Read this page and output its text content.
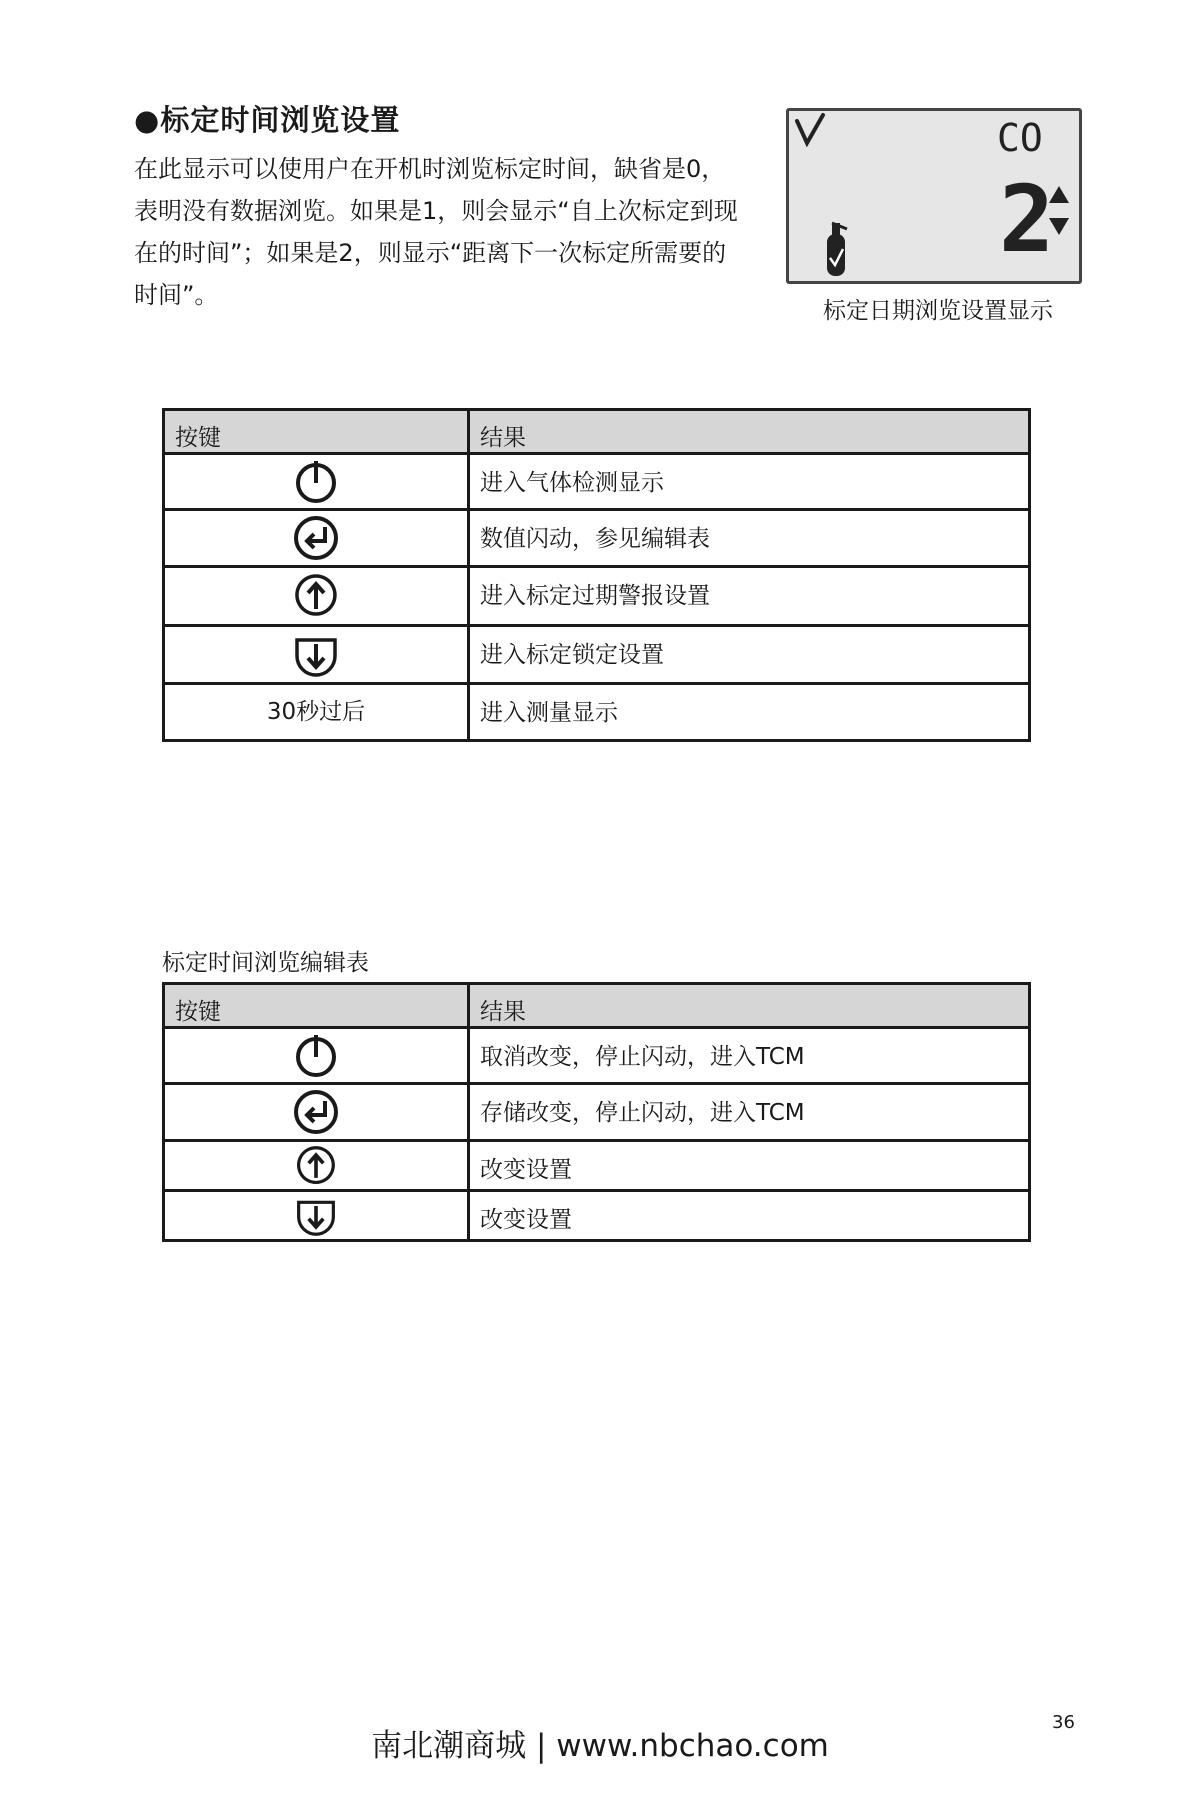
●标定时间浏览设置

在此显示可以使用户在开机时浏览标定时间，缺省是0，

表明没有数据浏览。如果是1，则会显示“自上次标定到现

在的时间”；如果是2，则显示“距离下一次标定所需要的

时间”。

CO
2
标定日期浏览设置显示
按键	结果
	进入气体检测显示
	数值闪动，参见编辑表
	进入标定过期警报设置
	进入标定锁定设置
30秒过后	进入测量显示
标定时间浏览编辑表
按键	结果
	取消改变，停止闪动，进入TCM
	存储改变，停止闪动，进入TCM
	改变设置
	改变设置
36
南北潮商城 | www.nbchao.com
